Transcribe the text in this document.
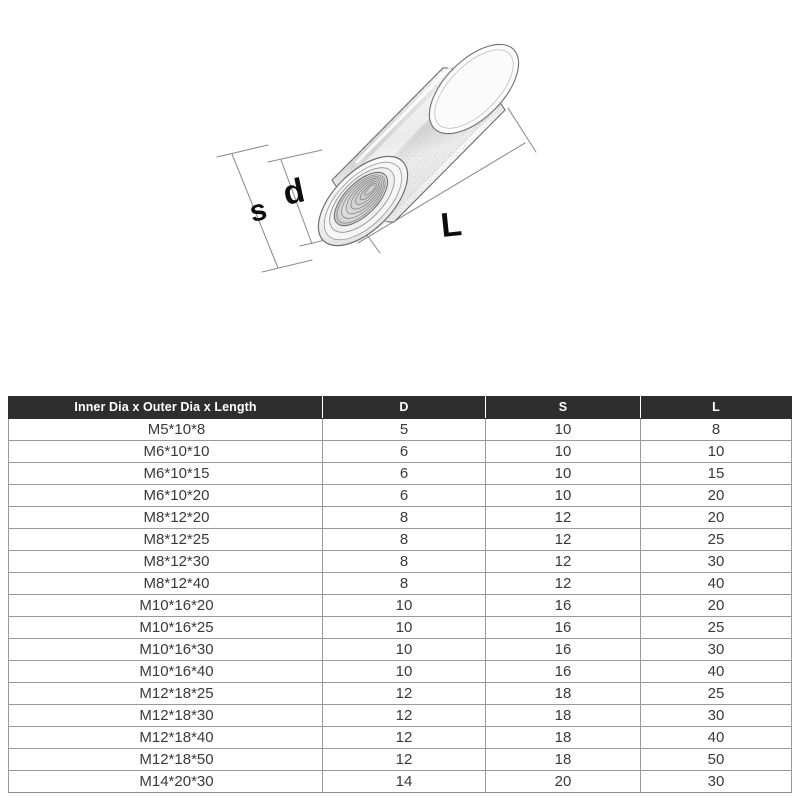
s d
L
Inner Dia x Outer Dia x Length	D	S	L
M5*10*8	5	10	8
M6*10*10	6	10	10
M6*10*15	6	10	15
M6*10*20	6	10	20
M8*12*20	8	12	20
M8*12*25	8	12	25
M8*12*30	8	12	30
M8*12*40	8	12	40
M10*16*20	10	16	20
M10*16*25	10	16	25
M10*16*30	10	16	30
M10*16*40	10	16	40
M12*18*25	12	18	25
M12*18*30	12	18	30
M12*18*40	12	18	40
M12*18*50	12	18	50
M14*20*30	14	20	30
